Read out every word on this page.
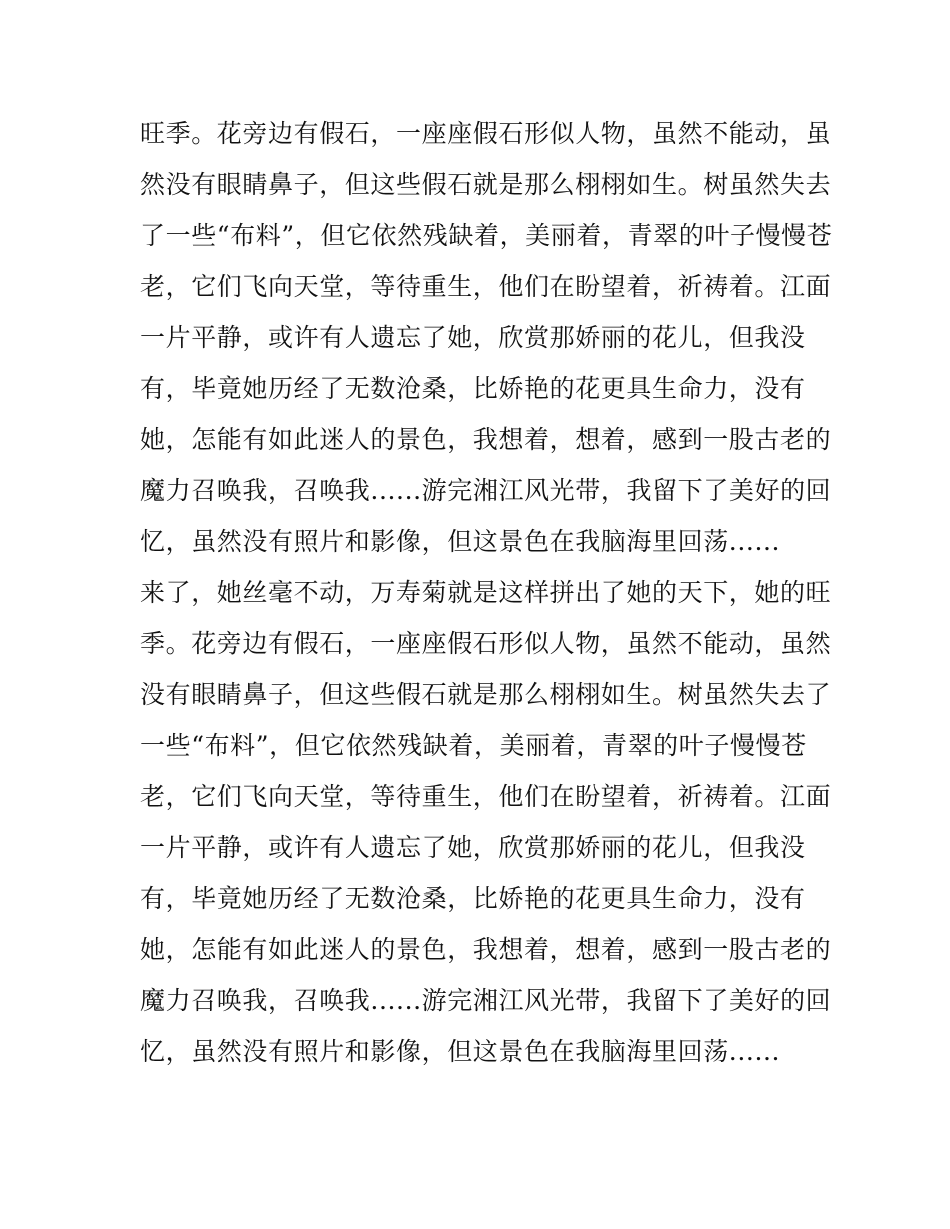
旺季。花旁边有假石，一座座假石形似人物，虽然不能动，虽
然没有眼睛鼻子，但这些假石就是那么栩栩如生。树虽然失去
了一些“布料”，但它依然残缺着，美丽着，青翠的叶子慢慢苍
老，它们飞向天堂，等待重生，他们在盼望着，祈祷着。江面
一片平静，或许有人遗忘了她，欣赏那娇丽的花儿，但我没
有，毕竟她历经了无数沧桑，比娇艳的花更具生命力，没有
她，怎能有如此迷人的景色，我想着，想着，感到一股古老的
魔力召唤我，召唤我......游完湘江风光带，我留下了美好的回
忆，虽然没有照片和影像，但这景色在我脑海里回荡......
来了，她丝毫不动，万寿菊就是这样拼出了她的天下，她的旺
季。花旁边有假石，一座座假石形似人物，虽然不能动，虽然
没有眼睛鼻子，但这些假石就是那么栩栩如生。树虽然失去了
一些“布料”，但它依然残缺着，美丽着，青翠的叶子慢慢苍
老，它们飞向天堂，等待重生，他们在盼望着，祈祷着。江面
一片平静，或许有人遗忘了她，欣赏那娇丽的花儿，但我没
有，毕竟她历经了无数沧桑，比娇艳的花更具生命力，没有
她，怎能有如此迷人的景色，我想着，想着，感到一股古老的
魔力召唤我，召唤我......游完湘江风光带，我留下了美好的回
忆，虽然没有照片和影像，但这景色在我脑海里回荡......
